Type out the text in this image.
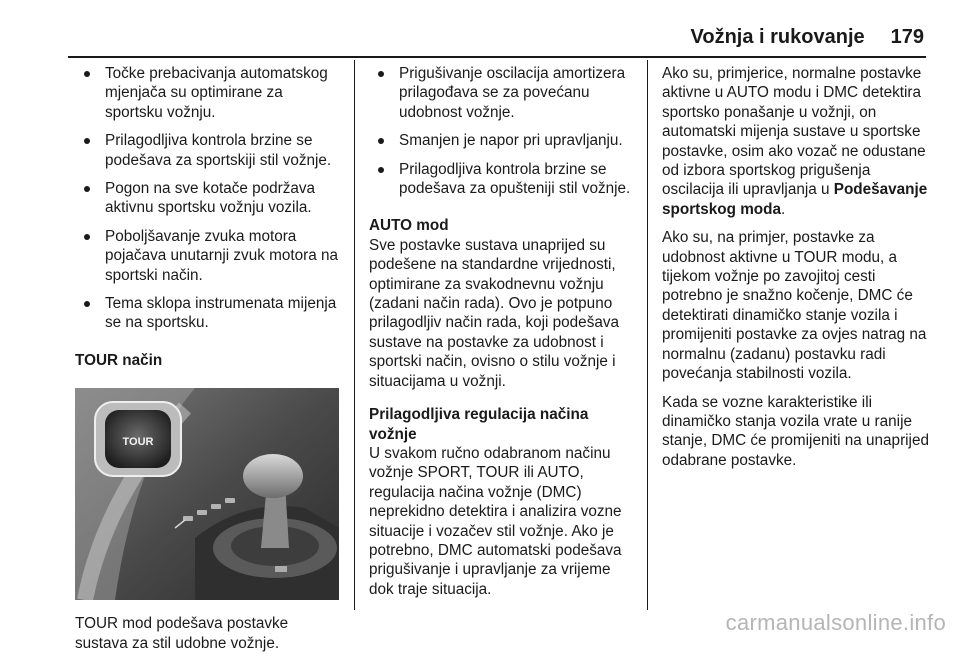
Vožnja i rukovanje 179
Točke prebacivanja automatskog mjenjača su optimirane za sportsku vožnju.
Prilagodljiva kontrola brzine se podešava za sportskiji stil vožnje.
Pogon na sve kotače podržava aktivnu sportsku vožnju vozila.
Poboljšavanje zvuka motora pojačava unutarnji zvuk motora na sportski način.
Tema sklopa instrumenata mijenja se na sportsku.

TOUR način

TOUR

TOUR mod podešava postavke sustava za stil udobne vožnje.

Prigušivanje oscilacija amortizera prilagođava se za povećanu udobnost vožnje.
Smanjen je napor pri upravljanju.
Prilagodljiva kontrola brzine se podešava za opušteniji stil vožnje.

AUTO mod

Sve postavke sustava unaprijed su podešene na standardne vrijednosti, optimirane za svakodnevnu vožnju (zadani način rada). Ovo je potpuno prilagodljiv način rada, koji podešava sustave na postavke za udobnost i sportski način, ovisno o stilu vožnje i situacijama u vožnji.

Prilagodljiva regulacija načina vožnje

U svakom ručno odabranom načinu vožnje SPORT, TOUR ili AUTO, regulacija načina vožnje (DMC) neprekidno detektira i analizira vozne situacije i vozačev stil vožnje. Ako je potrebno, DMC automatski podešava prigušivanje i upravljanje za vrijeme dok traje situacija.

Ako su, primjerice, normalne postavke aktivne u AUTO modu i DMC detektira sportsko ponašanje u vožnji, on automatski mijenja sustave u sportske postavke, osim ako vozač ne odustane od izbora sportskog prigušenja oscilacija ili upravljanja u Podešavanje sportskog moda.

Ako su, na primjer, postavke za udobnost aktivne u TOUR modu, a tijekom vožnje po zavojitoj cesti potrebno je snažno kočenje, DMC će detektirati dinamičko stanje vozila i promijeniti postavke za ovjes natrag na normalnu (zadanu) postavku radi povećanja stabilnosti vozila.

Kada se vozne karakteristike ili dinamičko stanja vozila vrate u ranije stanje, DMC će promijeniti na unaprijed odabrane postavke.

carmanualsonline.info
